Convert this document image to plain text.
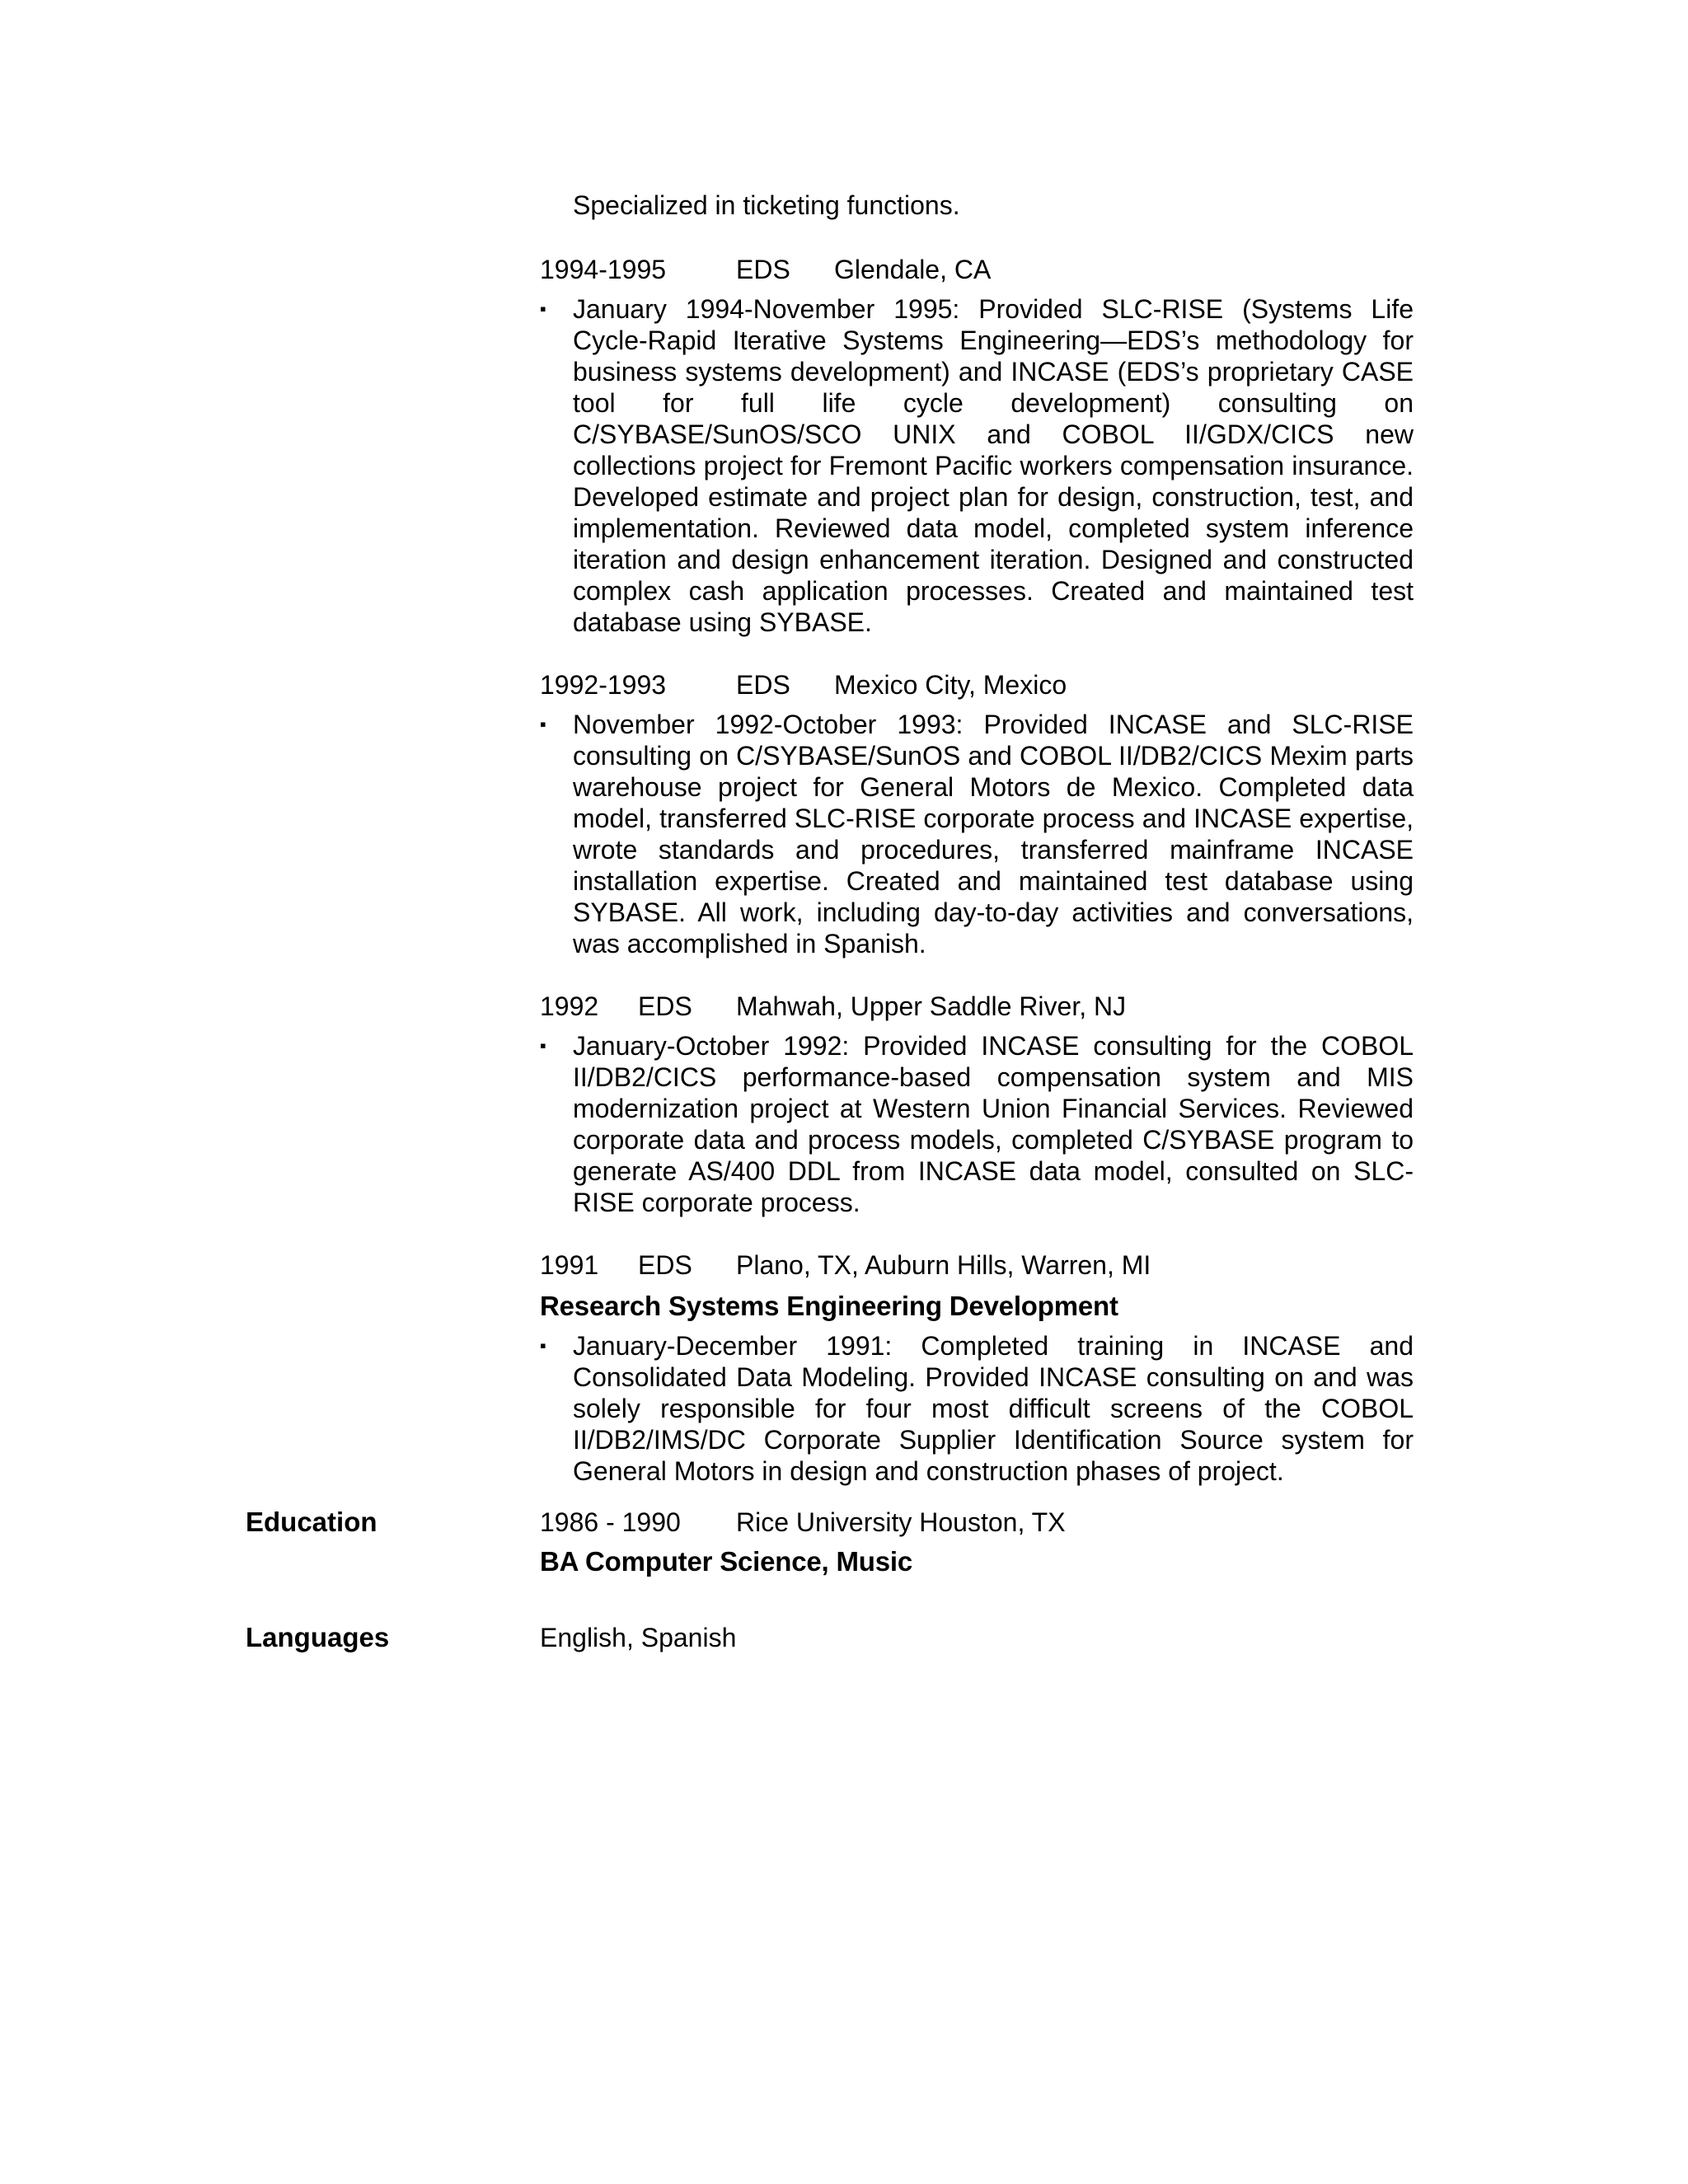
Specialized in ticketing functions.
1994-1995	EDS	Glendale, CA
▪ January 1994-November 1995: Provided SLC-RISE (Systems Life Cycle-Rapid Iterative Systems Engineering—EDS’s methodology for business systems development) and INCASE (EDS’s proprietary CASE tool for full life cycle development) consulting on C/SYBASE/SunOS/SCO UNIX and COBOL II/GDX/CICS new collections project for Fremont Pacific workers compensation insurance. Developed estimate and project plan for design, construction, test, and implementation. Reviewed data model, completed system inference iteration and design enhancement iteration. Designed and constructed complex cash application processes. Created and maintained test database using SYBASE.
1992-1993	EDS	Mexico City, Mexico
▪ November 1992-October 1993: Provided INCASE and SLC-RISE consulting on C/SYBASE/SunOS and COBOL II/DB2/CICS Mexim parts warehouse project for General Motors de Mexico. Completed data model, transferred SLC-RISE corporate process and INCASE expertise, wrote standards and procedures, transferred mainframe INCASE installation expertise. Created and maintained test database using SYBASE. All work, including day-to-day activities and conversations, was accomplished in Spanish.
1992	EDS	Mahwah, Upper Saddle River, NJ
▪ January-October 1992: Provided INCASE consulting for the COBOL II/DB2/CICS performance-based compensation system and MIS modernization project at Western Union Financial Services. Reviewed corporate data and process models, completed C/SYBASE program to generate AS/400 DDL from INCASE data model, consulted on SLC-RISE corporate process.
1991	EDS	Plano, TX, Auburn Hills, Warren, MI
Research Systems Engineering Development
▪ January-December 1991: Completed training in INCASE and Consolidated Data Modeling. Provided INCASE consulting on and was solely responsible for four most difficult screens of the COBOL II/DB2/IMS/DC Corporate Supplier Identification Source system for General Motors in design and construction phases of project.
Education	1986 - 1990	Rice University Houston, TX
BA Computer Science, Music
Languages	English, Spanish
